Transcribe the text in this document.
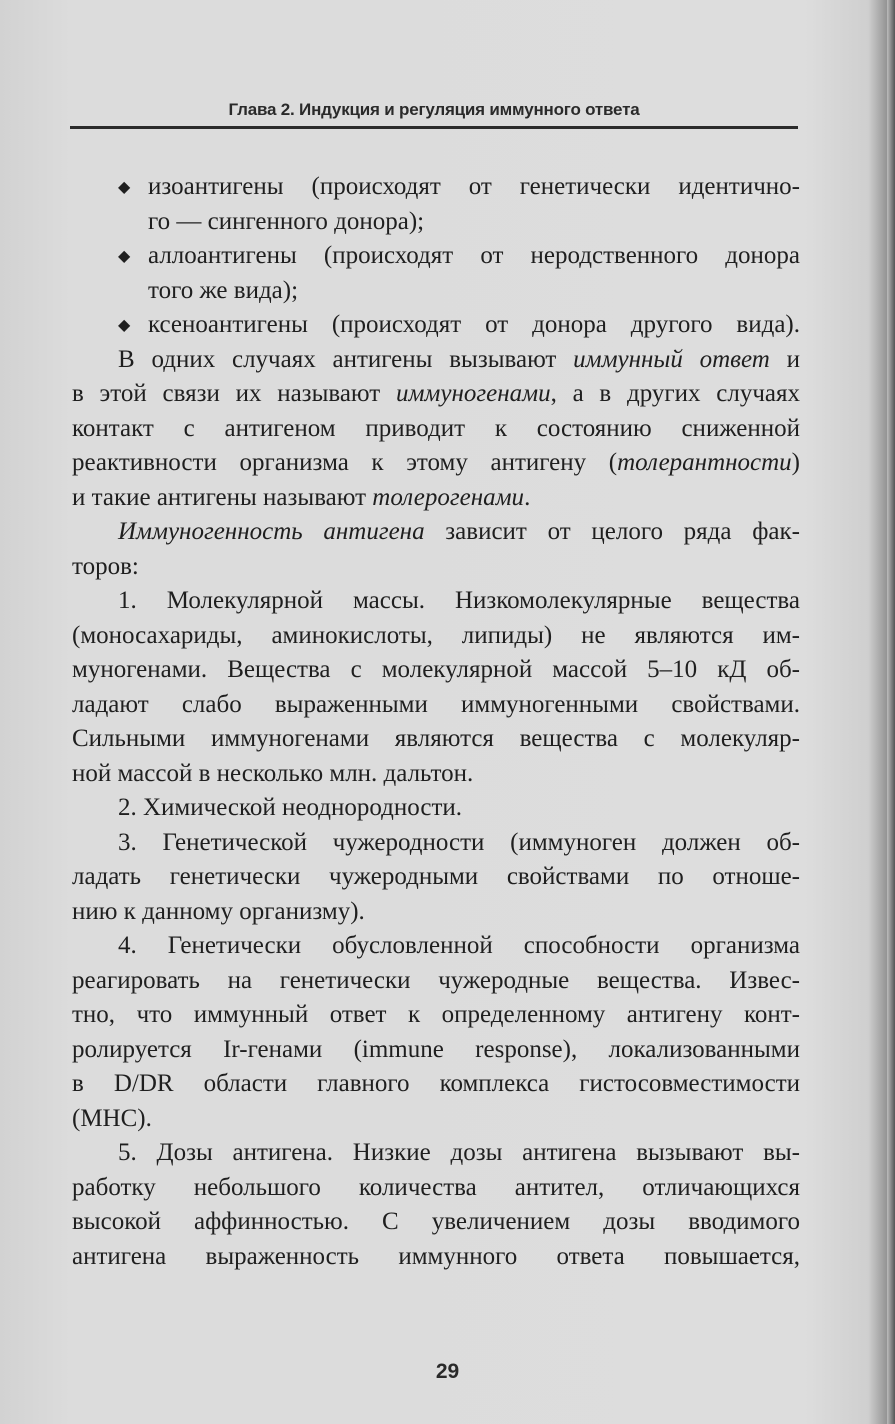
Глава 2. Индукция и регуляция иммунного ответа
◆ изоантигены (происходят от генетически идентично-
го — сингенного донора);
◆ аллоантигены (происходят от неродственного донора
того же вида);
◆ ксеноантигены (происходят от донора другого вида).
В одних случаях антигены вызывают иммунный ответ и
в этой связи их называют иммуногенами, а в других случаях
контакт с антигеном приводит к состоянию сниженной
реактивности организма к этому антигену (толерантности)
и такие антигены называют толерогенами.
Иммуногенность антигена зависит от целого ряда фак-
торов:
1. Молекулярной массы. Низкомолекулярные вещества
(моносахариды, аминокислоты, липиды) не являются им-
муногенами. Вещества с молекулярной массой 5–10 кД об-
ладают слабо выраженными иммуногенными свойствами.
Сильными иммуногенами являются вещества с молекуляр-
ной массой в несколько млн. дальтон.
2. Химической неоднородности.
3. Генетической чужеродности (иммуноген должен об-
ладать генетически чужеродными свойствами по отноше-
нию к данному организму).
4. Генетически обусловленной способности организма
реагировать на генетически чужеродные вещества. Извес-
тно, что иммунный ответ к определенному антигену конт-
ролируется Ir-генами (immune response), локализованными
в D/DR области главного комплекса гистосовместимости
(MHC).
5. Дозы антигена. Низкие дозы антигена вызывают вы-
работку небольшого количества антител, отличающихся
высокой аффинностью. С увеличением дозы вводимого
антигена выраженность иммунного ответа повышается,
29
